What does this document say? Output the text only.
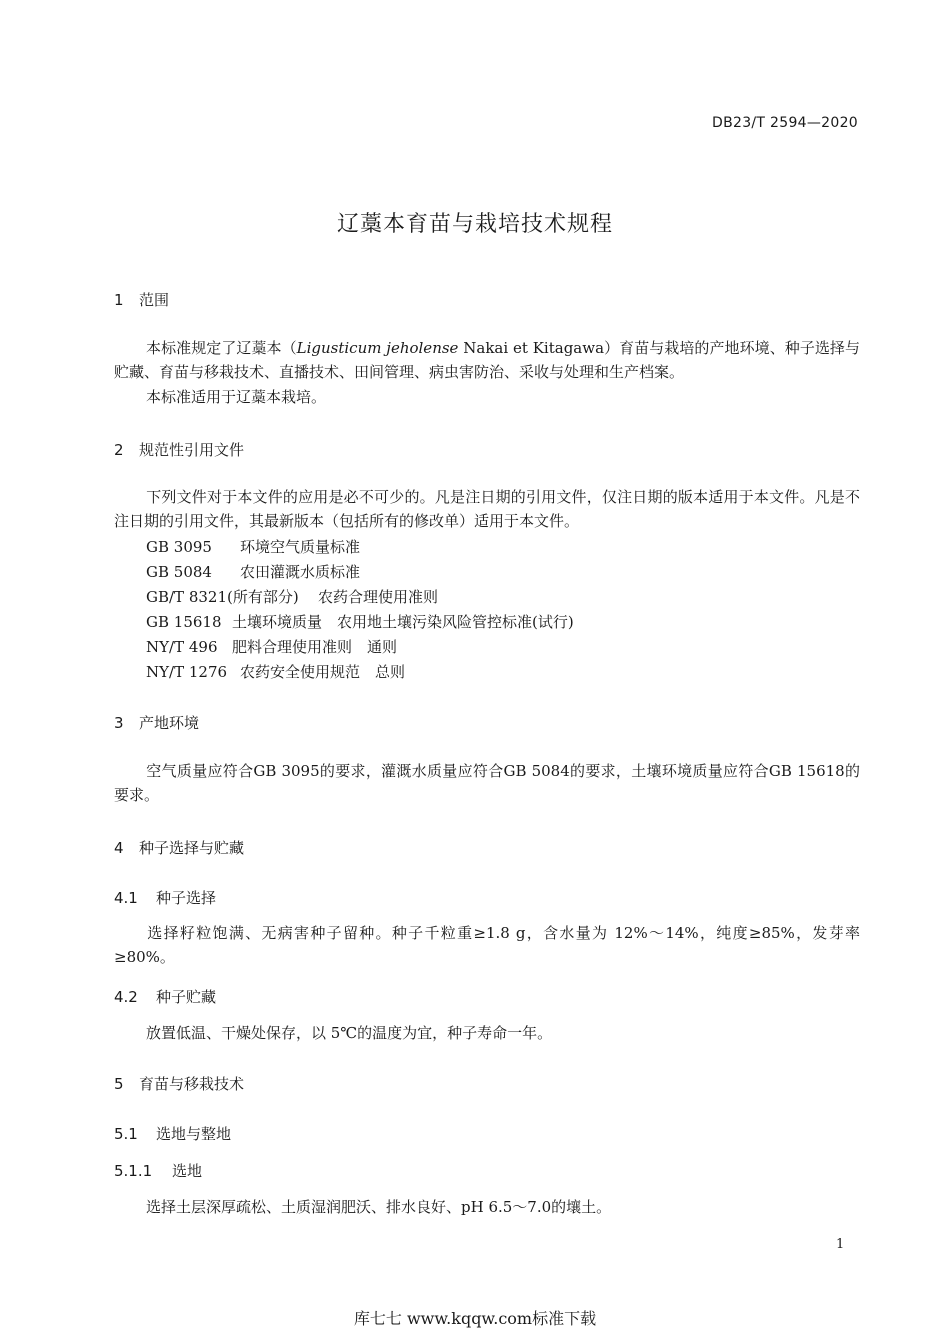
DB23/T 2594—2020
辽藁本育苗与栽培技术规程
1 范围
本标准规定了辽藁本（Ligusticum jeholense Nakai et Kitagawa）育苗与栽培的产地环境、种子选择与贮藏、育苗与移栽技术、直播技术、田间管理、病虫害防治、采收与处理和生产档案。
本标准适用于辽藁本栽培。
2 规范性引用文件
下列文件对于本文件的应用是必不可少的。凡是注日期的引用文件，仅注日期的版本适用于本文件。凡是不注日期的引用文件，其最新版本（包括所有的修改单）适用于本文件。
GB 3095 环境空气质量标准
GB 5084 农田灌溉水质标准
GB/T 8321(所有部分) 农药合理使用准则
GB 15618 土壤环境质量　农用地土壤污染风险管控标准(试行)
NY/T 496 肥料合理使用准则　通则
NY/T 1276 农药安全使用规范　总则
3 产地环境
空气质量应符合GB 3095的要求，灌溉水质量应符合GB 5084的要求，土壤环境质量应符合GB 15618的要求。
4 种子选择与贮藏
4.1 种子选择
选择籽粒饱满、无病害种子留种。种子千粒重≥1.8 g，含水量为 12%～14%，纯度≥85%，发芽率≥80%。
4.2 种子贮藏
放置低温、干燥处保存，以 5℃的温度为宜，种子寿命一年。
5 育苗与移栽技术
5.1 选地与整地
5.1.1 选地
选择土层深厚疏松、土质湿润肥沃、排水良好、pH 6.5～7.0的壤土。
1
库七七 www.kqqw.com标准下载
